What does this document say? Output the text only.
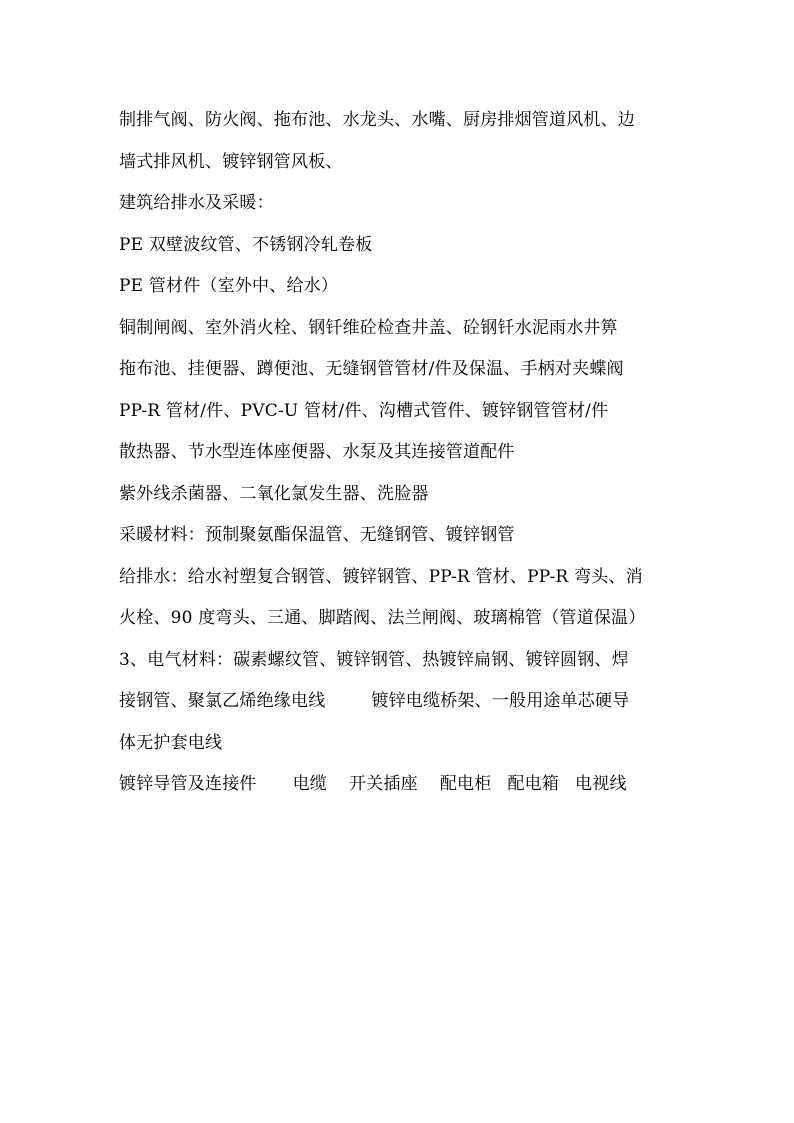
制排气阀、防火阀、拖布池、水龙头、水嘴、厨房排烟管道风机、边

墙式排风机、镀锌钢管风板、

建筑给排水及采暖：

PE 双壁波纹管、不锈钢冷轧卷板

PE 管材件（室外中、给水）

铜制闸阀、室外消火栓、钢钎维砼检查井盖、砼钢钎水泥雨水井箅

拖布池、挂便器、蹲便池、无缝钢管管材/件及保温、手柄对夹蝶阀

PP-R 管材/件、PVC-U 管材/件、沟槽式管件、镀锌钢管管材/件

散热器、节水型连体座便器、水泵及其连接管道配件

紫外线杀菌器、二氧化氯发生器、洗脸器

采暖材料：预制聚氨酯保温管、无缝钢管、镀锌钢管

给排水：给水衬塑复合钢管、镀锌钢管、PP-R 管材、PP-R 弯头、消

火栓、90 度弯头、三通、脚踏阀、法兰闸阀、玻璃棉管（管道保温）

3、电气材料：碳素螺纹管、镀锌钢管、热镀锌扁钢、镀锌圆钢、焊

接钢管、聚氯乙烯绝缘电线	镀锌电缆桥架、一般用途单芯硬导

体无护套电线

镀锌导管及连接件 电缆 开关插座 配电柜 配电箱 电视线
